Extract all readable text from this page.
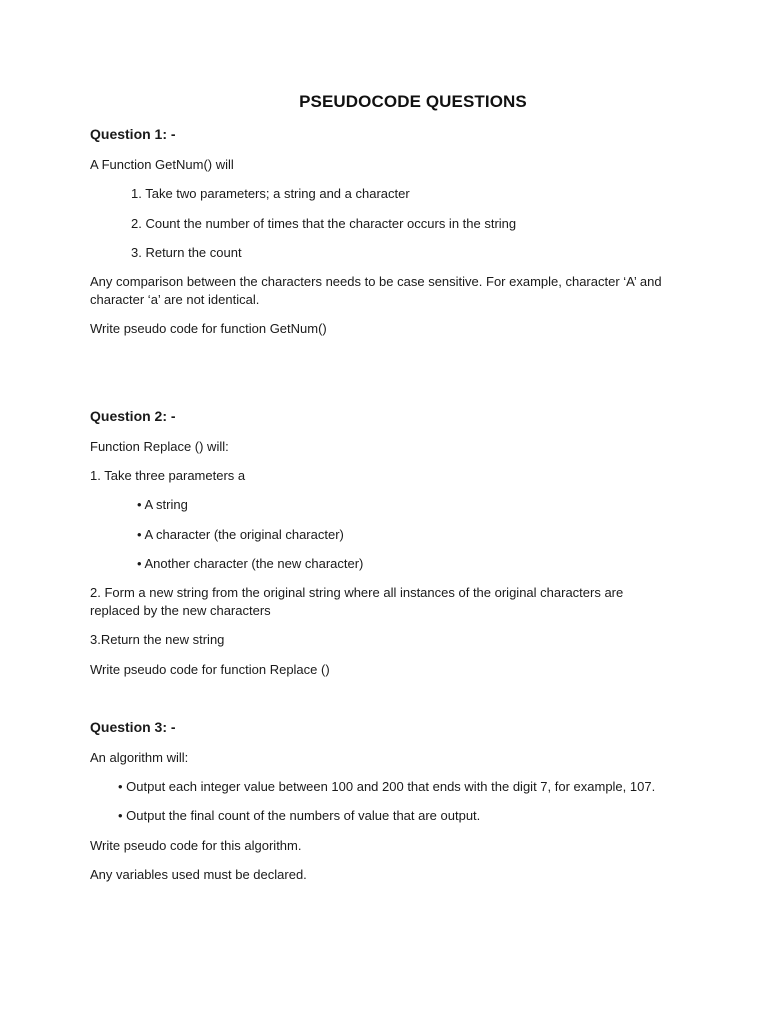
PSEUDOCODE QUESTIONS
Question 1: -
A Function GetNum() will
1. Take two parameters; a string and a character
2. Count the number of times that the character occurs in the string
3. Return the count
Any comparison between the characters needs to be case sensitive. For example, character ‘A’ and
character ‘a’ are not identical.
Write pseudo code for function GetNum()
Question 2: -
Function Replace () will:
1. Take three parameters a
• A string
• A character (the original character)
• Another character (the new character)
2. Form a new string from the original string where all instances of the original characters are
replaced by the new characters
3.Return the new string
Write pseudo code for function Replace ()
Question 3: -
An algorithm will:
• Output each integer value between 100 and 200 that ends with the digit 7, for example, 107.
• Output the final count of the numbers of value that are output.
Write pseudo code for this algorithm.
Any variables used must be declared.
